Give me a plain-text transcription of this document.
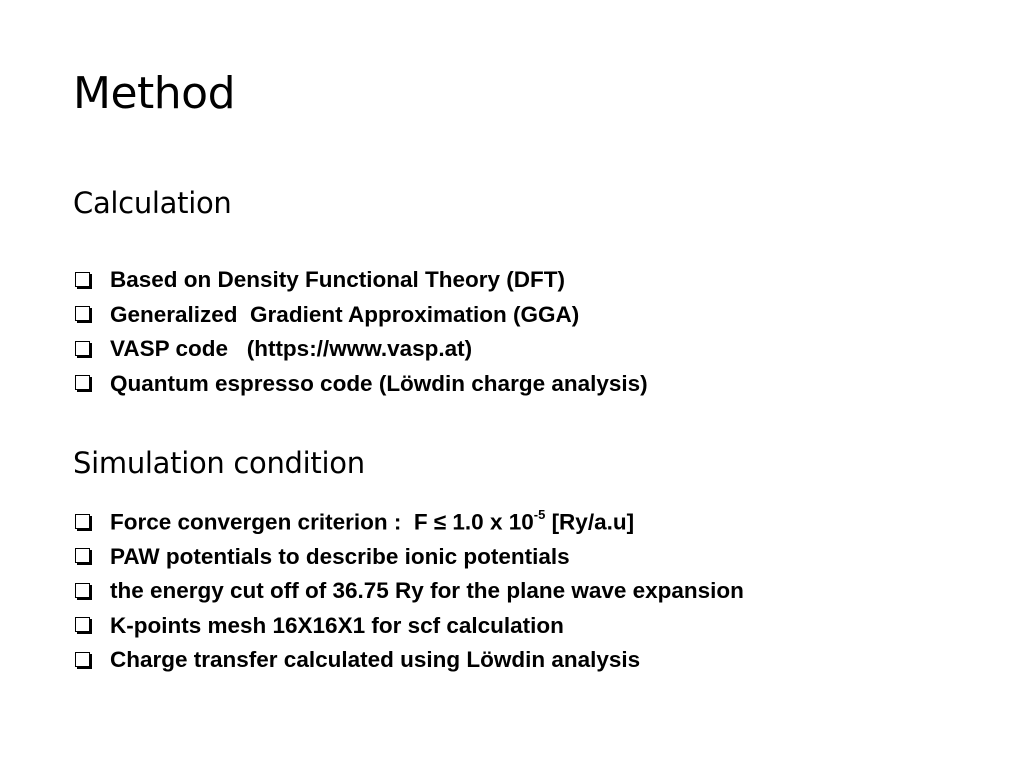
Method
Calculation
Based on Density Functional Theory (DFT)
Generalized  Gradient Approximation (GGA)
VASP code   (https://www.vasp.at)
Quantum espresso code (Löwdin charge analysis)
Simulation condition
Force convergen criterion :  F ≤ 1.0 x $10^{-5}$ [Ry/a.u]
PAW potentials to describe ionic potentials
the energy cut off of 36.75 Ry for the plane wave expansion
K-points mesh 16X16X1 for scf calculation
Charge transfer calculated using Löwdin analysis
